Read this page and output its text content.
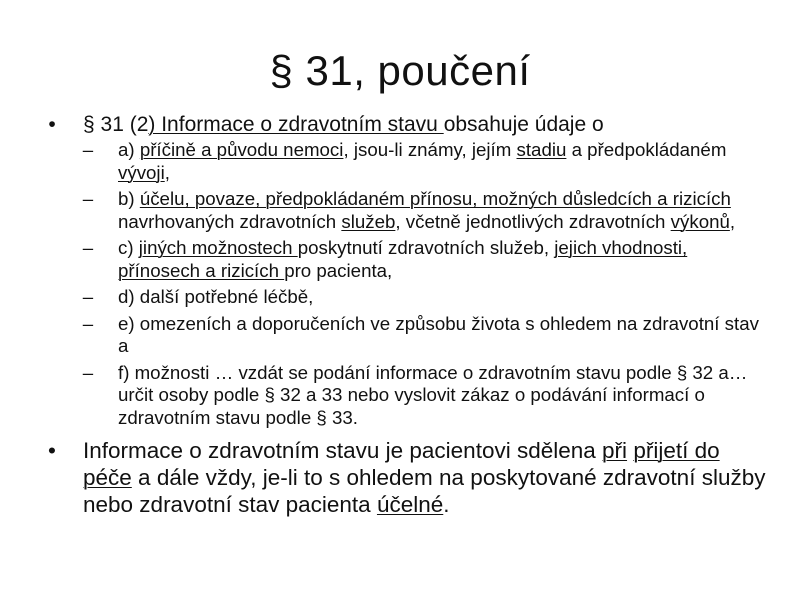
§ 31, poučení
•	§ 31 (2) Informace o zdravotním stavu obsahuje údaje o
– a) příčině a původu nemoci, jsou-li známy, jejím stadiu a předpokládaném vývoji,
– b) účelu, povaze, předpokládaném přínosu, možných důsledcích a rizicích navrhovaných zdravotních služeb, včetně jednotlivých zdravotních výkonů,
– c) jiných možnostech poskytnutí zdravotních služeb, jejich vhodnosti, přínosech a rizicích pro pacienta,
– d) další potřebné léčbě,
– e) omezeních a doporučeních ve způsobu života s ohledem na zdravotní stav a
– f) možnosti … vzdát se podání informace o zdravotním stavu podle § 32 a… určit osoby podle § 32 a 33 nebo vyslovit zákaz o podávání informací o zdravotním stavu podle § 33.
•	Informace o zdravotním stavu je pacientovi sdělena při přijetí do péče a dále vždy, je-li to s ohledem na poskytované zdravotní služby nebo zdravotní stav pacienta účelné.
